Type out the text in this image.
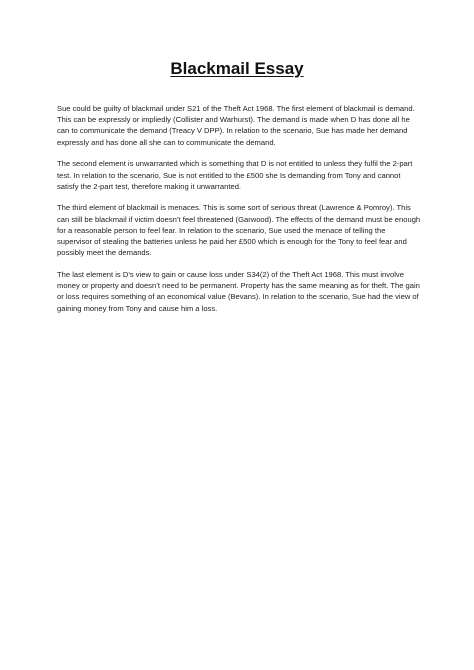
Blackmail Essay

Sue could be guilty of blackmail under S21 of the Theft Act 1968. The first element of blackmail is demand. This can be expressly or impliedly (Collister and Warhurst). The demand is made when D has done all he can to communicate the demand (Treacy V DPP). In relation to the scenario, Sue has made her demand expressly and has done all she can to communicate the demand.

The second element is unwarranted which is something that D is not entitled to unless they fulfil the 2-part test. In relation to the scenario, Sue is not entitled to the £500 she Is demanding from Tony and cannot satisfy the 2-part test, therefore making it unwarranted.

The third element of blackmail is menaces. This is some sort of serious threat (Lawrence & Pomroy). This can still be blackmail if victim doesn’t feel threatened (Garwood). The effects of the demand must be enough for a reasonable person to feel fear. In relation to the scenario, Sue used the menace of telling the supervisor of stealing the batteries unless he paid her £500 which is enough for the Tony to feel fear and possibly meet the demands.

The last element is D’s view to gain or cause loss under S34(2) of the Theft Act 1968. This must involve money or property and doesn’t need to be permanent. Property has the same meaning as for theft. The gain or loss requires something of an economical value (Bevans). In relation to the scenario, Sue had the view of gaining money from Tony and cause him a loss.
